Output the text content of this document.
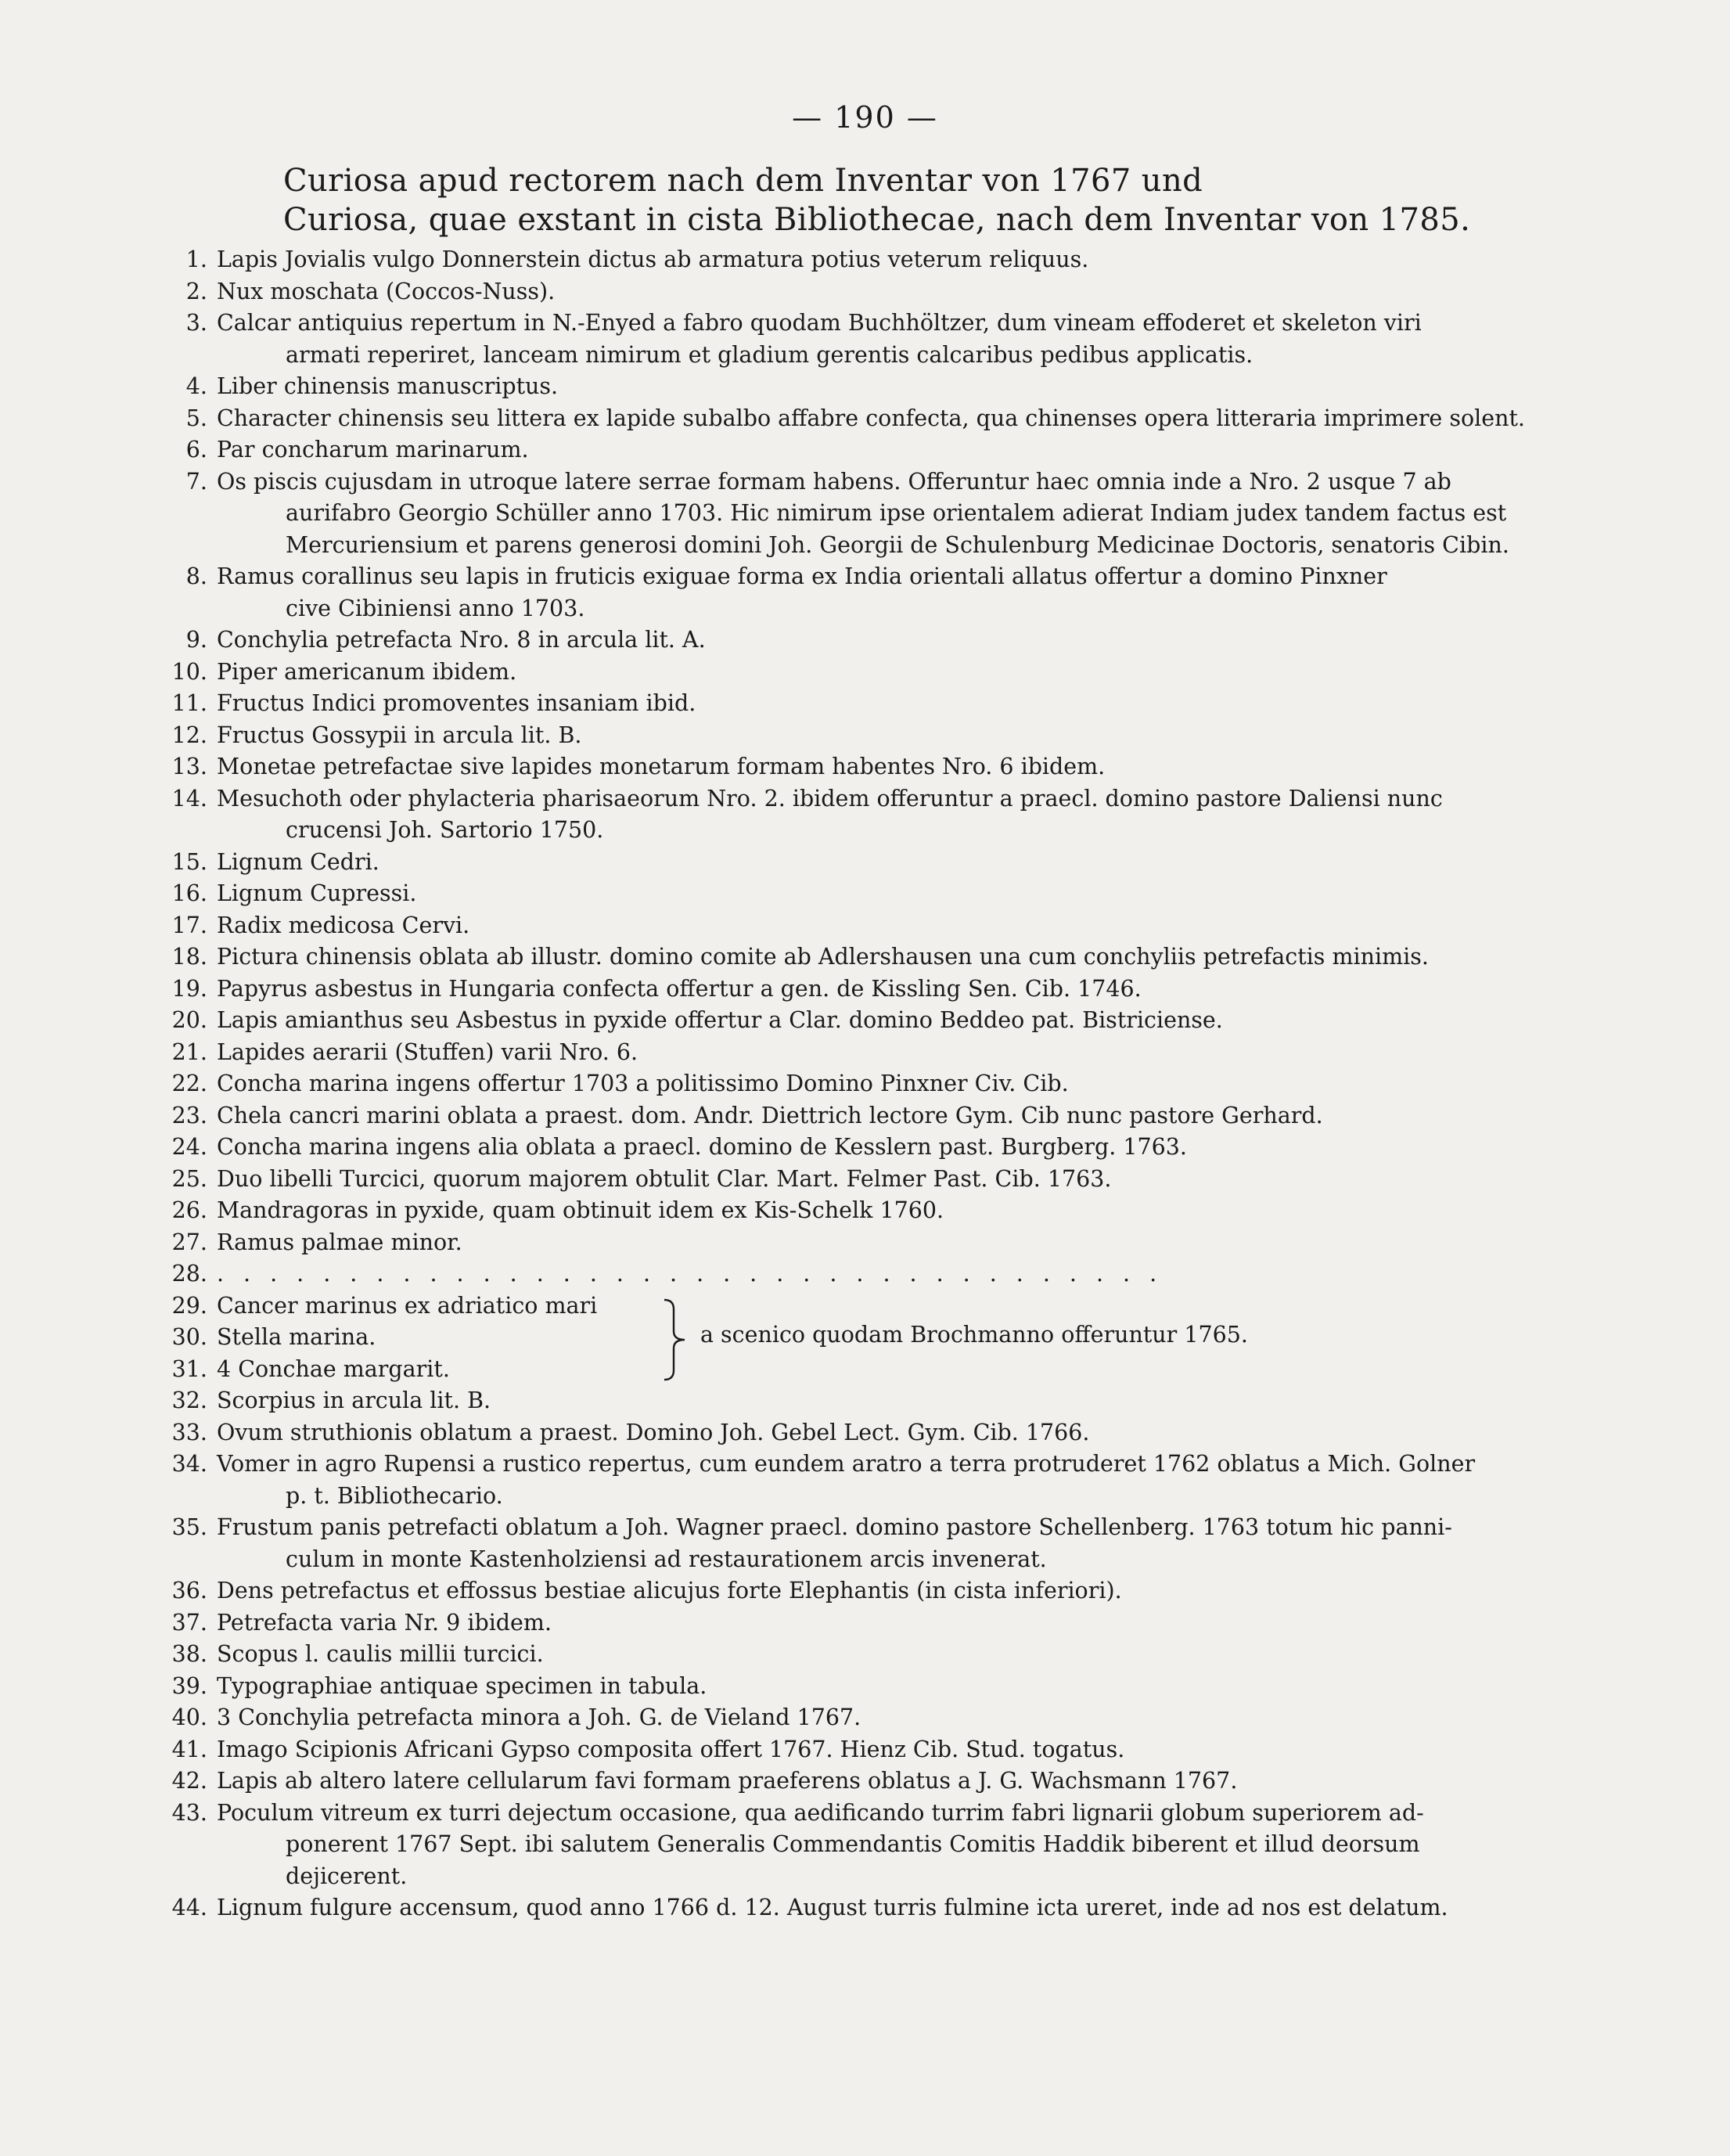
— 190 —
Curiosa apud rectorem nach dem Inventar von 1767 und
Curiosa, quae exstant in cista Bibliothecae, nach dem Inventar von 1785.
1. Lapis Jovialis vulgo Donnerstein dictus ab armatura potius veterum reliquus.
2. Nux moschata (Coccos-Nuss).
3. Calcar antiquius repertum in N.-Enyed a fabro quodam Buchhöltzer, dum vineam effoderet et skeleton viri
armati reperiret, lanceam nimirum et gladium gerentis calcaribus pedibus applicatis.
4. Liber chinensis manuscriptus.
5. Character chinensis seu littera ex lapide subalbo affabre confecta, qua chinenses opera litteraria imprimere solent.
6. Par concharum marinarum.
7. Os piscis cujusdam in utroque latere serrae formam habens. Offeruntur haec omnia inde a Nro. 2 usque 7 ab
aurifabro Georgio Schüller anno 1703. Hic nimirum ipse orientalem adierat Indiam judex tandem factus est
Mercuriensium et parens generosi domini Joh. Georgii de Schulenburg Medicinae Doctoris, senatoris Cibin.
8. Ramus corallinus seu lapis in fruticis exiguae forma ex India orientali allatus offertur a domino Pinxner
cive Cibiniensi anno 1703.
9. Conchylia petrefacta Nro. 8 in arcula lit. A.
10. Piper americanum ibidem.
11. Fructus Indici promoventes insaniam ibid.
12. Fructus Gossypii in arcula lit. B.
13. Monetae petrefactae sive lapides monetarum formam habentes Nro. 6 ibidem.
14. Mesuchoth oder phylacteria pharisaeorum Nro. 2. ibidem offeruntur a praecl. domino pastore Daliensi nunc
crucensi Joh. Sartorio 1750.
15. Lignum Cedri.
16. Lignum Cupressi.
17. Radix medicosa Cervi.
18. Pictura chinensis oblata ab illustr. domino comite ab Adlershausen una cum conchyliis petrefactis minimis.
19. Papyrus asbestus in Hungaria confecta offertur a gen. de Kissling Sen. Cib. 1746.
20. Lapis amianthus seu Asbestus in pyxide offertur a Clar. domino Beddeo pat. Bistriciense.
21. Lapides aerarii (Stuffen) varii Nro. 6.
22. Concha marina ingens offertur 1703 a politissimo Domino Pinxner Civ. Cib.
23. Chela cancri marini oblata a praest. dom. Andr. Diettrich lectore Gym. Cib nunc pastore Gerhard.
24. Concha marina ingens alia oblata a praecl. domino de Kesslern past. Burgberg. 1763.
25. Duo libelli Turcici, quorum majorem obtulit Clar. Mart. Felmer Past. Cib. 1763.
26. Mandragoras in pyxide, quam obtinuit idem ex Kis-Schelk 1760.
27. Ramus palmae minor.
28. ....................................
29. Cancer marinus ex adriatico mari
30. Stella marina.
31. 4 Conchae margarit.
a scenico quodam Brochmanno offeruntur 1765.
32. Scorpius in arcula lit. B.
33. Ovum struthionis oblatum a praest. Domino Joh. Gebel Lect. Gym. Cib. 1766.
34. Vomer in agro Rupensi a rustico repertus, cum eundem aratro a terra protruderet 1762 oblatus a Mich. Golner
p. t. Bibliothecario.
35. Frustum panis petrefacti oblatum a Joh. Wagner praecl. domino pastore Schellenberg. 1763 totum hic panni-
culum in monte Kastenholziensi ad restaurationem arcis invenerat.
36. Dens petrefactus et effossus bestiae alicujus forte Elephantis (in cista inferiori).
37. Petrefacta varia Nr. 9 ibidem.
38. Scopus l. caulis millii turcici.
39. Typographiae antiquae specimen in tabula.
40. 3 Conchylia petrefacta minora a Joh. G. de Vieland 1767.
41. Imago Scipionis Africani Gypso composita offert 1767. Hienz Cib. Stud. togatus.
42. Lapis ab altero latere cellularum favi formam praeferens oblatus a J. G. Wachsmann 1767.
43. Poculum vitreum ex turri dejectum occasione, qua aedificando turrim fabri lignarii globum superiorem ad-
ponerent 1767 Sept. ibi salutem Generalis Commendantis Comitis Haddik biberent et illud deorsum
dejicerent.
44. Lignum fulgure accensum, quod anno 1766 d. 12. August turris fulmine icta ureret, inde ad nos est delatum.
